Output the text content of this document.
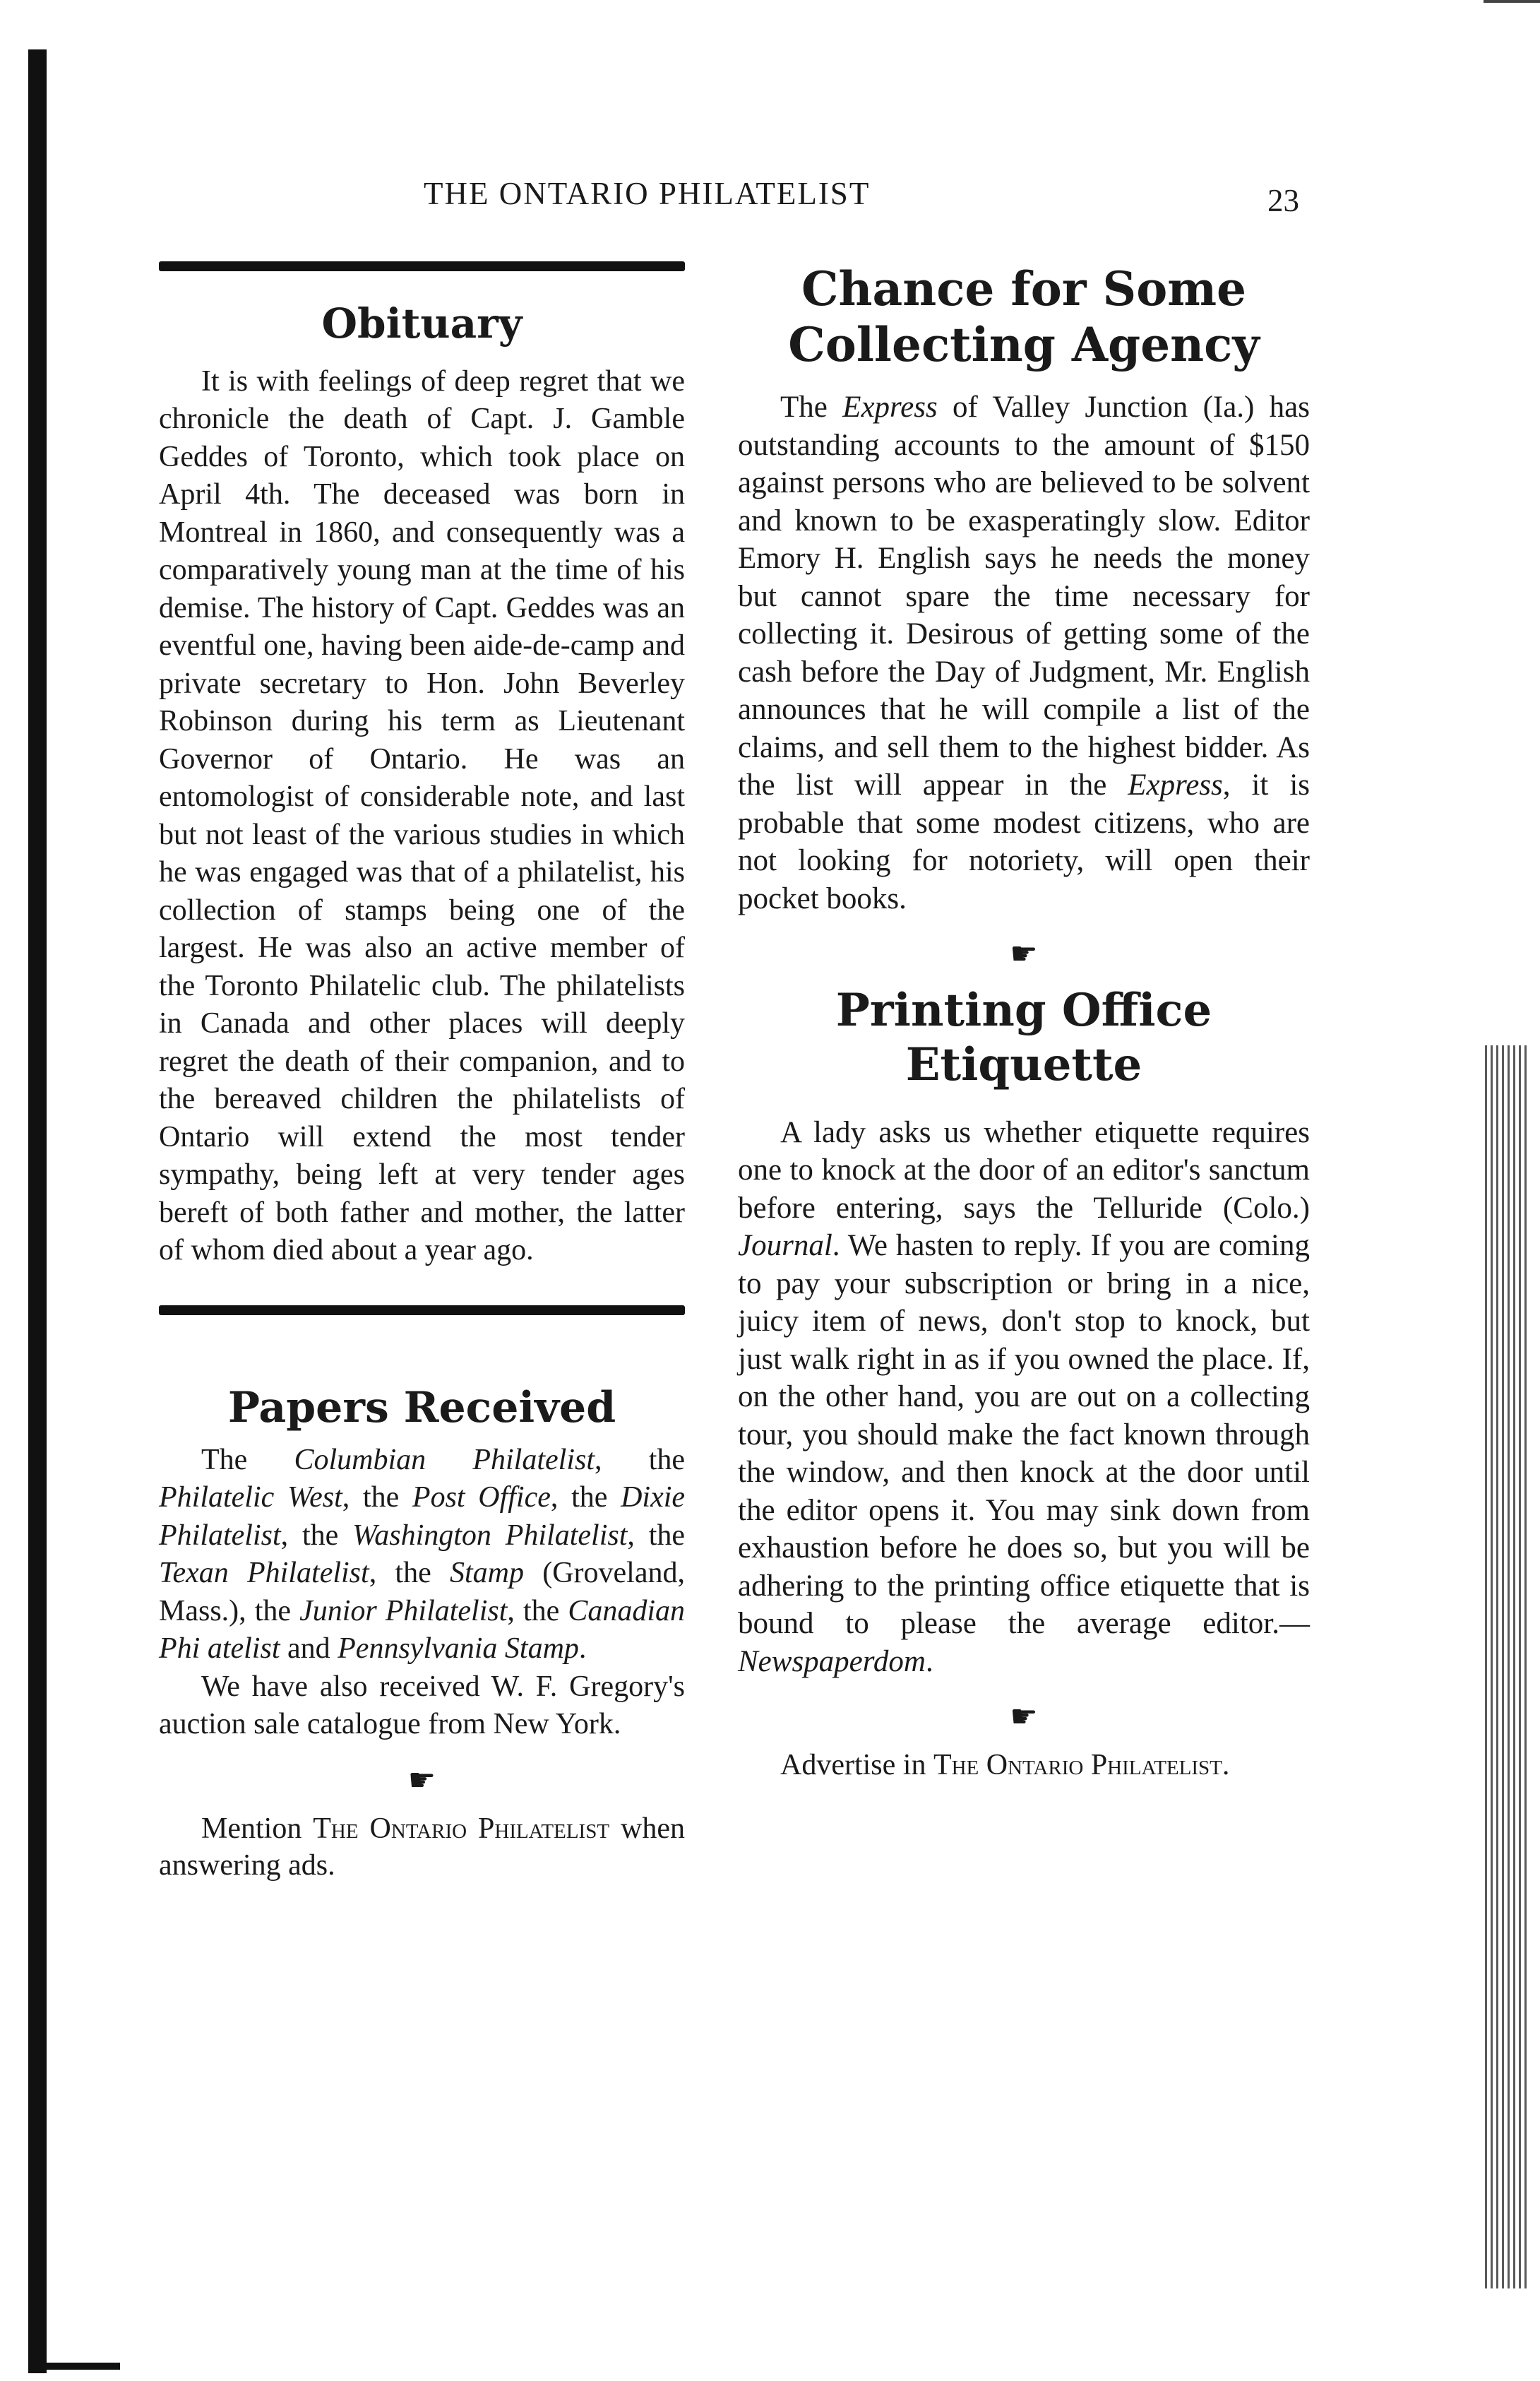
THE ONTARIO PHILATELIST	23
Obituary

It is with feelings of deep regret that we chronicle the death of Capt. J. Gamble Geddes of Toronto, which took place on April 4th. The deceased was born in Montreal in 1860, and consequently was a comparatively young man at the time of his demise. The history of Capt. Geddes was an eventful one, having been aide-de-camp and private secretary to Hon. John Beverley Robinson during his term as Lieutenant Governor of Ontario. He was an entomologist of considerable note, and last but not least of the various studies in which he was engaged was that of a philatelist, his collection of stamps being one of the largest. He was also an active member of the Toronto Philatelic club. The philatelists in Canada and other places will deeply regret the death of their companion, and to the bereaved children the philatelists of Ontario will extend the most tender sympathy, being left at very tender ages bereft of both father and mother, the latter of whom died about a year ago.

Papers Received

The Columbian Philatelist, the Philatelic West, the Post Office, the Dixie Philatelist, the Washington Philatelist, the Texan Philatelist, the Stamp (Groveland, Mass.), the Junior Philatelist, the Canadian Phi atelist and Pennsylvania Stamp.

We have also received W. F. Gregory's auction sale catalogue from New York.

☛

Mention The Ontario Philatelist when answering ads.

Chance for Some Collecting Agency

The Express of Valley Junction (Ia.) has outstanding accounts to the amount of $150 against persons who are believed to be solvent and known to be exasperatingly slow. Editor Emory H. English says he needs the money but cannot spare the time necessary for collecting it. Desirous of getting some of the cash before the Day of Judgment, Mr. English announces that he will compile a list of the claims, and sell them to the highest bidder. As the list will appear in the Express, it is probable that some modest citizens, who are not looking for notoriety, will open their pocket books.

☛
Printing Office Etiquette

A lady asks us whether etiquette requires one to knock at the door of an editor's sanctum before entering, says the Telluride (Colo.) Journal. We hasten to reply. If you are coming to pay your subscription or bring in a nice, juicy item of news, don't stop to knock, but just walk right in as if you owned the place. If, on the other hand, you are out on a collecting tour, you should make the fact known through the window, and then knock at the door until the editor opens it. You may sink down from exhaustion before he does so, but you will be adhering to the printing office etiquette that is bound to please the average editor.—Newspaperdom.

☛

Advertise in The Ontario Philatelist.
